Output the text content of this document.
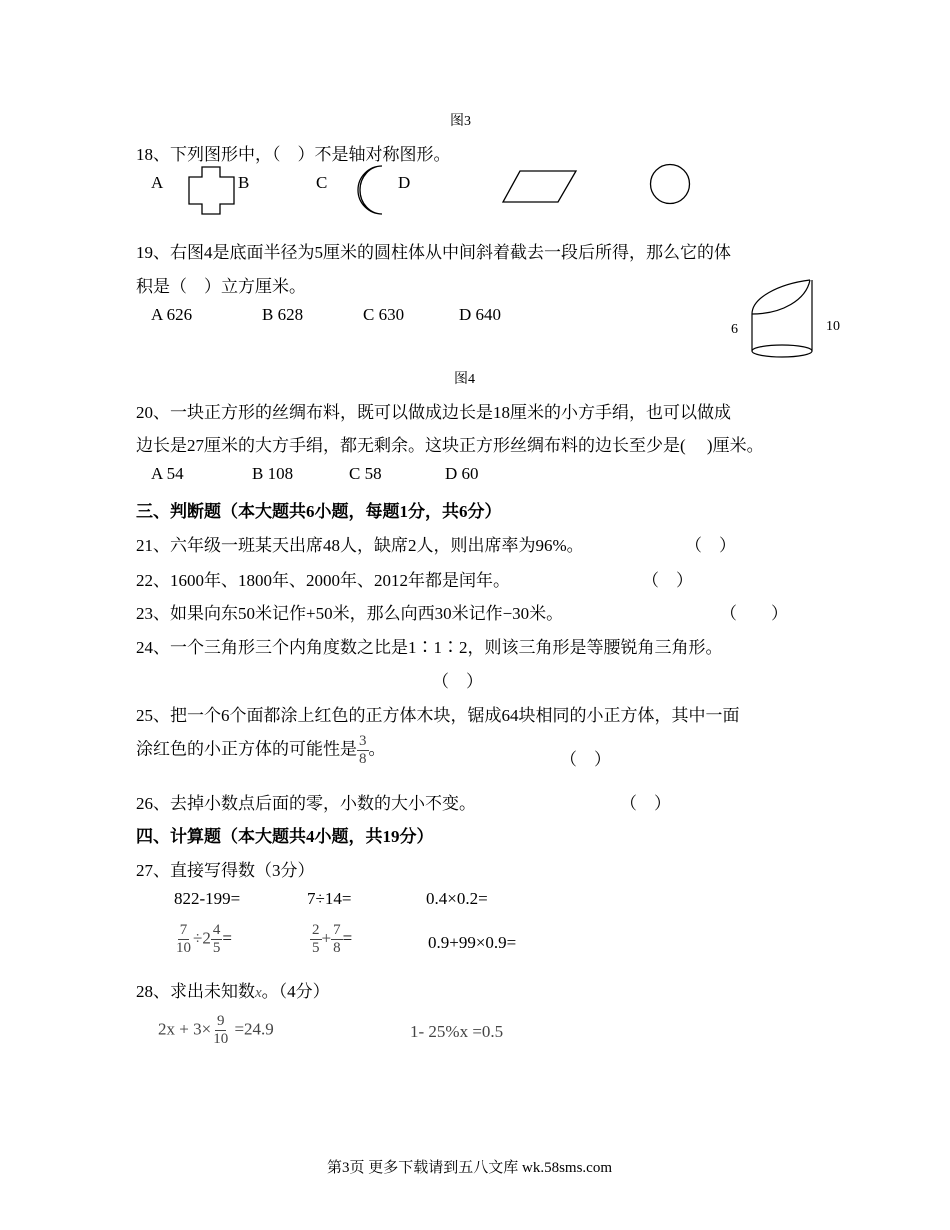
图3
18、下列图形中，（　）不是轴对称图形。
A	B	C	D
19、右图4是底面半径为5厘米的圆柱体从中间斜着截去一段后所得，那么它的体
积是（　）立方厘米。
A 626	B 628	C 630	D 640
6	10
图4
20、一块正方形的丝绸布料，既可以做成边长是18厘米的小方手绢，也可以做成
边长是27厘米的大方手绢，都无剩余。这块正方形丝绸布料的边长至少是(　 )厘米。
A 54	B 108	C 58	D 60
三、判断题（本大题共6小题，每题1分，共6分）
21、六年级一班某天出席48人，缺席2人，则出席率为96%。	（　）
22、1600年、1800年、2000年、2012年都是闰年。	（　）
23、如果向东50米记作+50米，那么向西30米记作−30米。	（　　）
24、一个三角形三个内角度数之比是1∶1∶2，则该三角形是等腰锐角三角形。
（　）
25、把一个6个面都涂上红色的正方体木块，锯成64块相同的小正方体，其中一面
涂红色的小正方体的可能性是 $\frac{3}{8}$ 。
（　）
26、去掉小数点后面的零，小数的大小不变。	（　）
四、计算题（本大题共4小题，共19分）
27、直接写得数（3分）
822-199=	7÷14=	0.4×0.2=
$\frac{7}{10} \div 2 \frac{4}{5}$ =	$\frac{2}{5} + \frac{7}{8}$ =	0.9+99×0.9=
28、求出未知数x。（4分）
$2x + 3\times \frac{9}{10} =24.9$	1- 25%x =0.5
第3页 更多下载请到五八文库 wk.58sms.com
